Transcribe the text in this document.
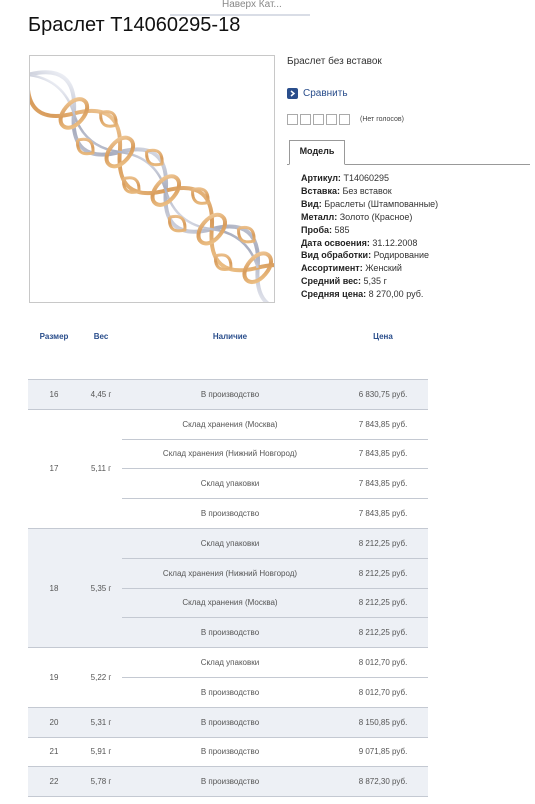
Наверх Кат...
Браслет Т14060295-18
Браслет без вставок
Сравнить
(Нет голосов)
Модель
Артикул: Т14060295
Вставка: Без вставок
Вид: Браслеты (Штампованные)
Металл: Золото (Красное)
Проба: 585
Дата освоения: 31.12.2008
Вид обработки: Родирование
Ассортимент: Женский
Средний вес: 5,35 г
Средняя цена: 8 270,00 руб.
Размер	Вес	Наличие	Цена	

16	4,45 г	В производство	6 830,75 руб.	
17	5,11 г	Склад хранения (Москва)	7 843,85 руб.	
		Склад хранения (Нижний Новгород)	7 843,85 руб.	
		Склад упаковки	7 843,85 руб.	
		В производство	7 843,85 руб.	
18	5,35 г	Склад упаковки	8 212,25 руб.	
		Склад хранения (Нижний Новгород)	8 212,25 руб.	
		Склад хранения (Москва)	8 212,25 руб.	
		В производство	8 212,25 руб.	
19	5,22 г	Склад упаковки	8 012,70 руб.	
		В производство	8 012,70 руб.	
20	5,31 г	В производство	8 150,85 руб.	
21	5,91 г	В производство	9 071,85 руб.	
22	5,78 г	В производство	8 872,30 руб.	
